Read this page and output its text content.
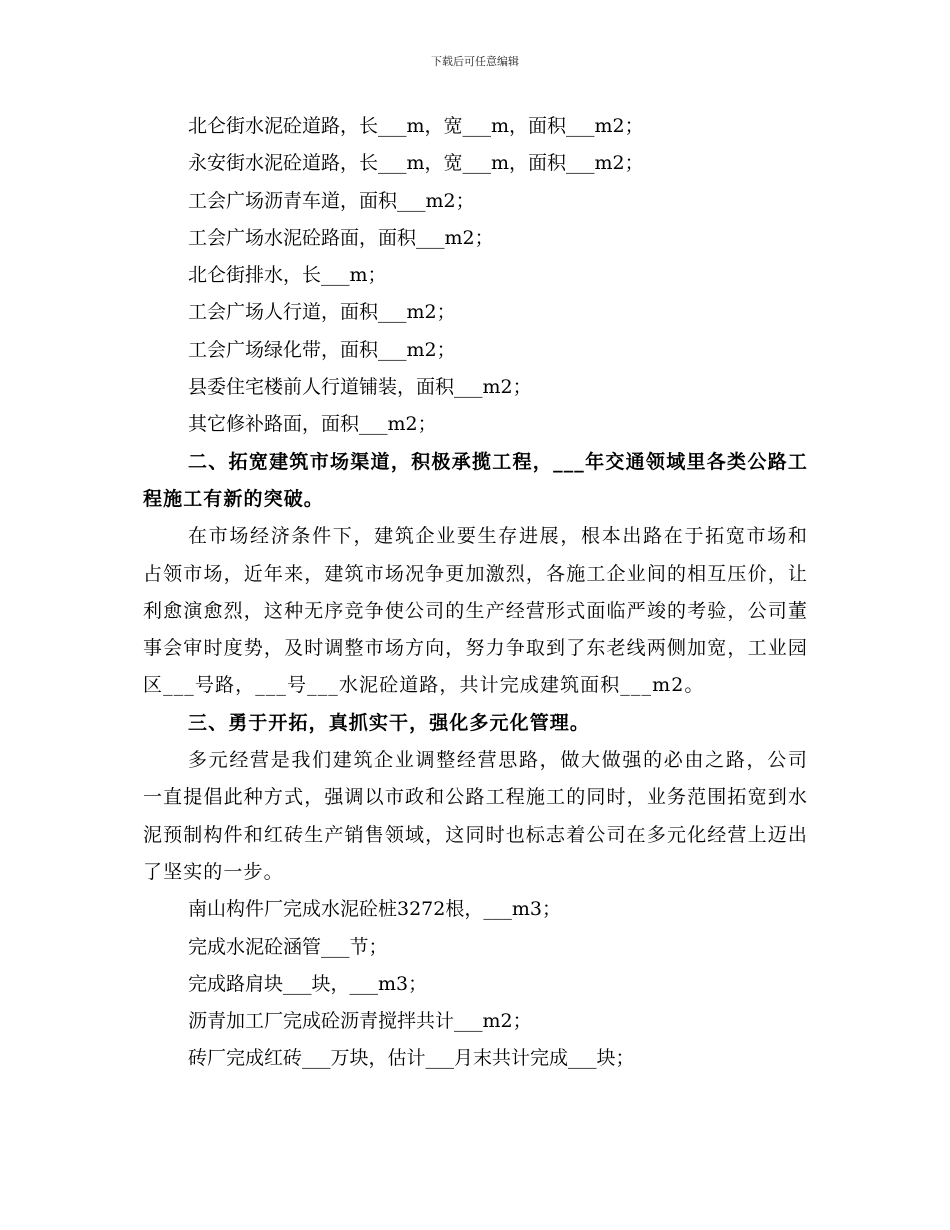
下载后可任意编辑
北仑街水泥砼道路，长___m，宽___m，面积___m2；
永安街水泥砼道路，长___m，宽___m，面积___m2；
工会广场沥青车道，面积___m2；
工会广场水泥砼路面，面积___m2；
北仑街排水，长___m；
工会广场人行道，面积___m2；
工会广场绿化带，面积___m2；
县委住宅楼前人行道铺装，面积___m2；
其它修补路面，面积___m2；

二、拓宽建筑市场渠道，积极承揽工程，___年交通领域里各类公路工程施工有新的突破。

在市场经济条件下，建筑企业要生存进展，根本出路在于拓宽市场和占领市场，近年来，建筑市场况争更加激烈，各施工企业间的相互压价，让利愈演愈烈，这种无序竞争使公司的生产经营形式面临严竣的考验，公司董事会审时度势，及时调整市场方向，努力争取到了东老线两侧加宽，工业园区___号路，___号___水泥砼道路，共计完成建筑面积___m2。

三、勇于开拓，真抓实干，强化多元化管理。

多元经营是我们建筑企业调整经营思路，做大做强的必由之路，公司一直提倡此种方式，强调以市政和公路工程施工的同时，业务范围拓宽到水泥预制构件和红砖生产销售领域，这同时也标志着公司在多元化经营上迈出了坚实的一步。

南山构件厂完成水泥砼桩3272根，___m3；
完成水泥砼涵管___节；
完成路肩块___块，___m3；
沥青加工厂完成砼沥青搅拌共计___m2；
砖厂完成红砖___万块，估计___月末共计完成___块；
